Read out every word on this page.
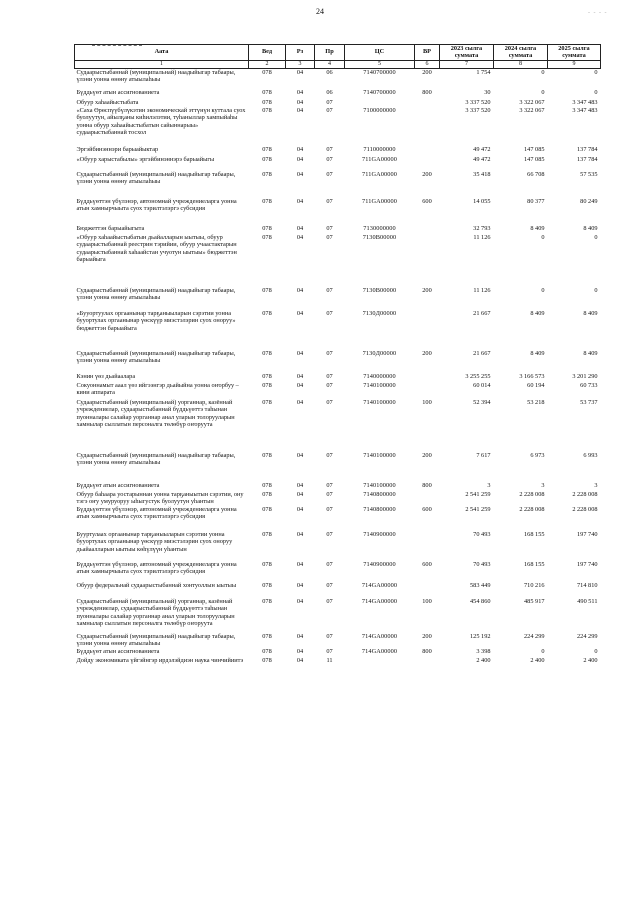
24	- - - -
Аата	Вед	Рз	Пр	ЦС	ВР	2023 сылга суммата	2024 сылга суммата	2025 сылга суммата
1	2	3	4	5	6	7	8	9
Судаарыстыбаннай (муниципальнай) наадыйыгар табаары, үлэни уонна өнөну атыылаһыы	078	04	06	7140700000	200	1 754	0	0
Бүддьүөт атын ассигнованиета	078	04	06	7140700000	800	30	0	0
Обуур хаһаайыстыбата	078	04	07			3 337 520	3 322 067	3 347 483
«Саха Өрөспүүбүлүкэтин экономическай эттүнүн куттала суох буолуутун, айылҕаны киһилэлэтии, туһаныллар хампыйаһы уонна обуур хаһаайыстыбатын сайыннарыы» судаарыстыбаннай тосхол	078	04	07	7100000000		3 337 520	3 322 067	3 347 483
Эргэйбинэннэри барыайыктар	078	04	07	7110000000		49 472	147 085	137 784
«Обуур харыстабылы» эргэйбинэннэрэ барыайыгы	078	04	07	711GA00000		49 472	147 085	137 784
Судаарыстыбаннай (муниципальнай) наадыйыгар табаары, үлэни уонна өнөну атыылаһыы	078	04	07	711GA00000	200	35 418	66 708	57 535
Бүддьүөттэн үбүлэнэр, автономнай учреждениеларга уонна атын хамнырчыыта суох тэрилтэлэргэ субсидия	078	04	07	711GA00000	600	14 055	80 377	80 249
Бюджеттэн барыайыгыта	078	04	07	7130000000		32 793	8 409	8 409
«Обуур хаһаайыстыбатын дьайалларын ыытыы, обуур судаарыстыбаннай реестрин тэрийии, обуур учаастактарын судаарыстыбаннай хаһаайстан учуотун ыытыы» бюджеттэн барыайыга	078	04	07	7130В00000		11 126	0	0
Судаарыстыбаннай (муниципальнай) наадыйыгар табаары, үлэни уонна өнөну атыылаһыы	078	04	07	7130В00000	200	11 126	0	0
«Бууортуулах оргаанынар тарҕаныыларын сэрэтии уонна бууортулах оргаанынар үөскүүр миэстэлэрин суох оноруу» бюджеттэн барыайыга	078	04	07	7130Д00000		21 667	8 409	8 409
Судаарыстыбаннай (муниципальнай) наадыйыгар табаары, үлэни уонна өнөну атыылаһыы	078	04	07	7130Д00000	200	21 667	8 409	8 409
Кэнин үөз дьайаалара	078	04	07	7140000000		3 255 255	3 166 573	3 201 290
Сокуоннамыт ааал үөз ийгээнгэр дьайыйна уонна оҥорбуу – кини аппарата	078	04	07	7140100000		60 014	60 194	60 733
Судаарыстыбаннай (муниципальнай) уорганнар, казённай учреждениелар, судаарыстыбаннай бүддьүөттэ таһынан пуонналары салайар уорганнар анал уларын толорууларын хамнылар сыллатын персоналга төлөбүр оҥоруута	078	04	07	7140100000	100	52 394	53 218	53 737
Судаарыстыбаннай (муниципальнай) наадыйыгар табаары, үлэни уонна өнөну атыылаһыы	078	04	07	7140100000	200	7 617	6 973	6 993
Бүддьүөт атын ассигнованиета	078	04	07	7140100000	800	3	3	3
Обуур баһаара уостарыннан уонна тарҕаныытын сэрэтии, ону тэгэ оҥу умуруоруу ыһыгустук буолуутун уһантын	078	04	07	7140800000		2 541 259	2 228 008	2 228 008
Бүддьүөттэн үбүлэнэр, автономнай учреждениеларга уонна атын хамнырчыыта суох тэрилтэлэргэ субсидия	078	04	07	7140800000	600	2 541 259	2 228 008	2 228 008
Бууртулаах оргаанынар тарҕаныыларын сэрэтии уонна бууортулах оргаанынар үөскүүр миэстэлэрин суох оноруу дьайаалларын ыытыы көһүлүүн уһантын	078	04	07	7140900000		70 493	168 155	197 740
Бүддьүөттэн үбүлэнэр, автономнай учреждениеларга уонна атын хамнырчыыта суох тэрилтэлэргэ субсидия	078	04	07	7140900000	600	70 493	168 155	197 740
Обуур федеральнай судаарыстыбаннай хонтуоллын ыытыы	078	04	07	714GA00000		583 449	710 216	714 810
Судаарыстыбаннай (муниципальнай) уорганнар, казённай учреждениелар, судаарыстыбаннай бүддьүөттэ таһынан пуонналары салайар уорганнар анал уларын толорууларын хамнылар сыллатын персоналга төлөбүр оҥоруута	078	04	07	714GA00000	100	454 860	485 917	490 511
Судаарыстыбаннай (муниципальнай) наадыйыгар табаары, үлэни уонна өнөну атыылаһыы	078	04	07	714GA00000	200	125 192	224 299	224 299
Бүддьүөт атын ассигнованиета	078	04	07	714GA00000	800	3 398	0	0
Дойду экономиката үйгэйнгэр ирдэлэйдиэн наука чинчийиитэ	078	04	11			2 400	2 400	2 400
